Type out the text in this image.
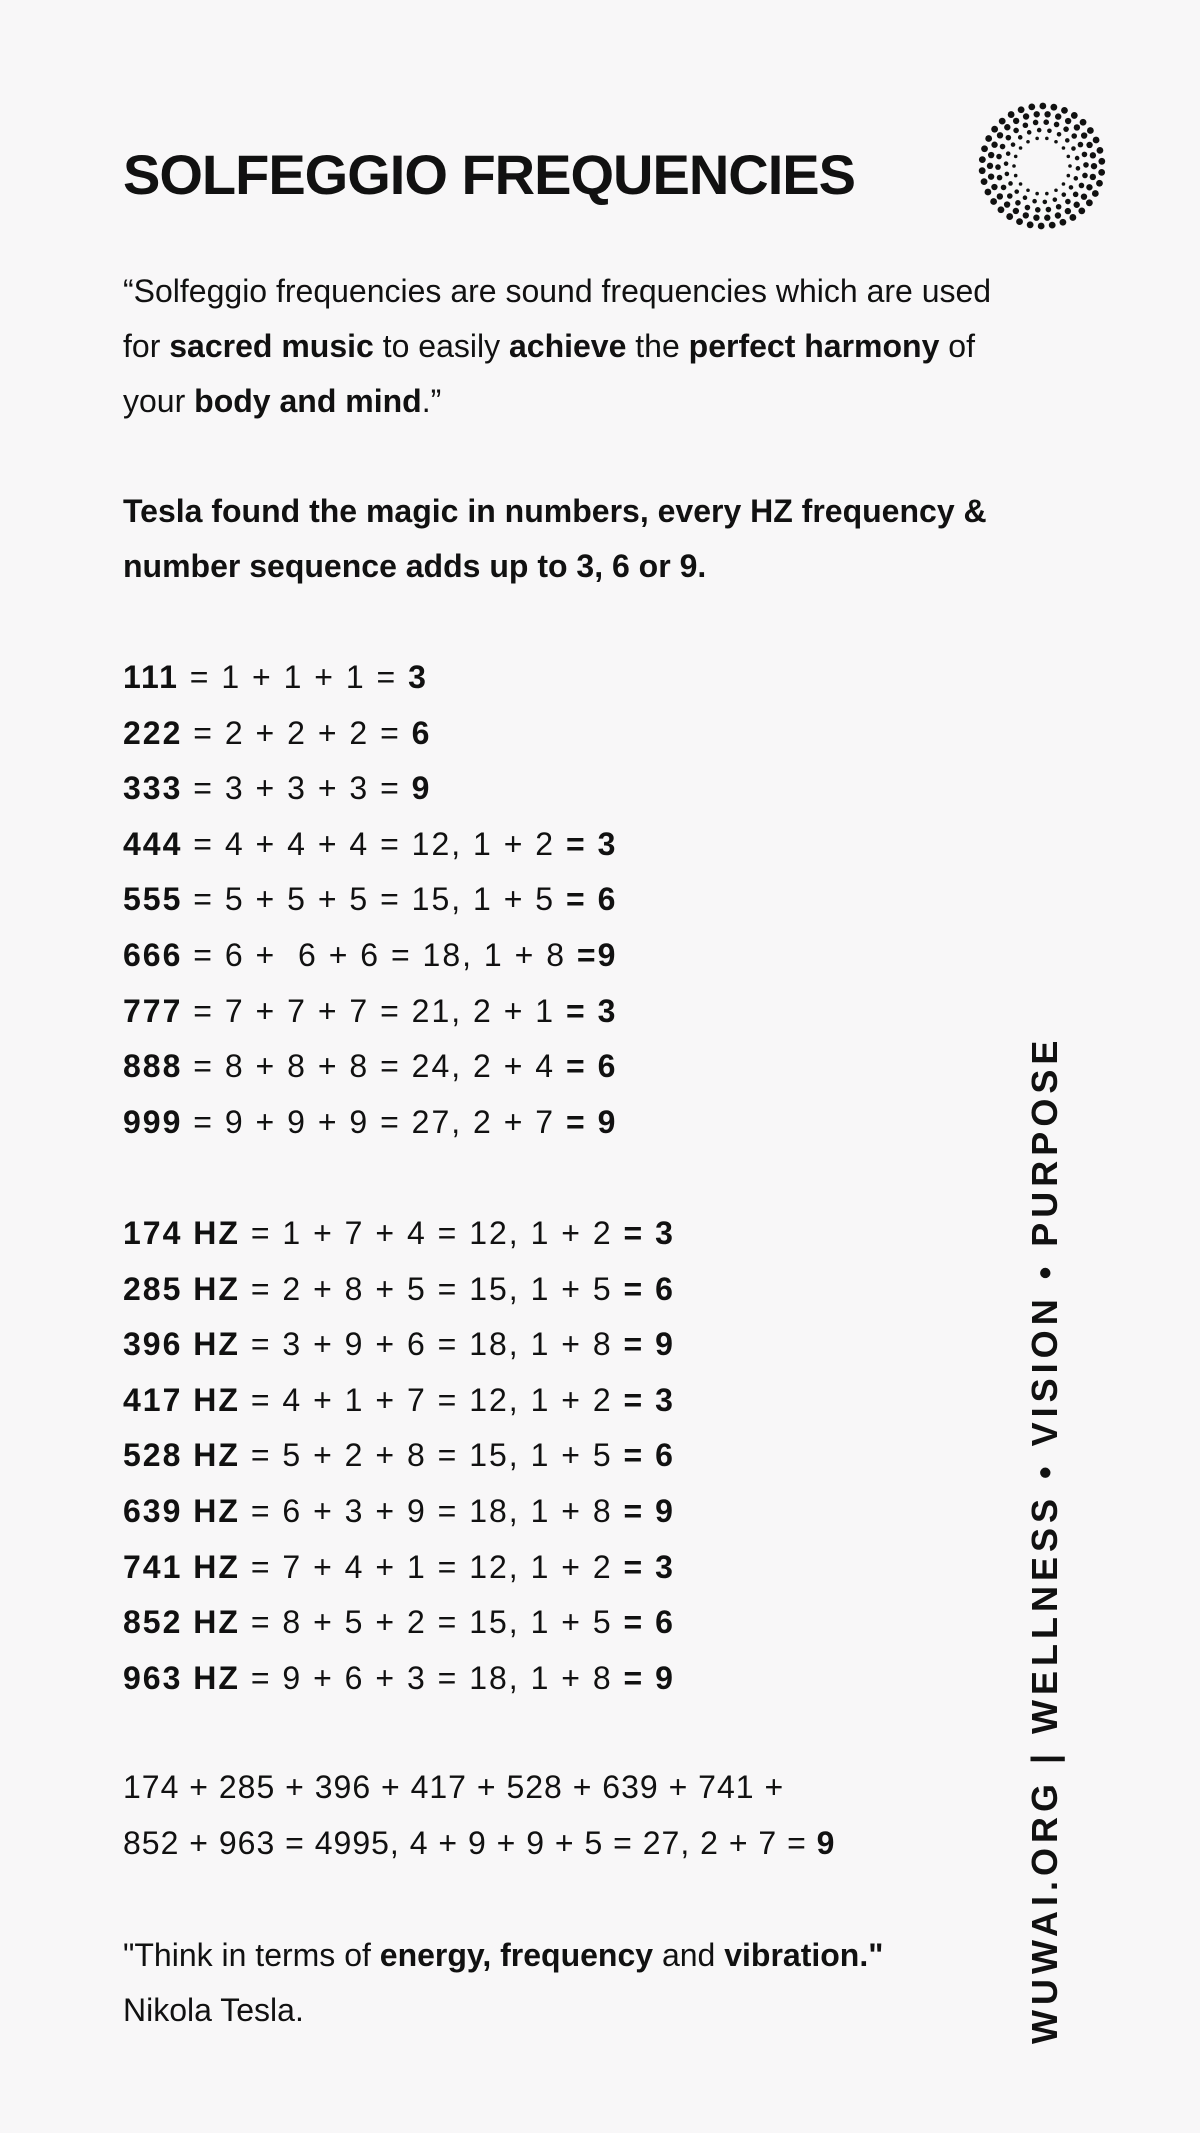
SOLFEGGIO FREQUENCIES

“Solfeggio frequencies are sound frequencies which are used for sacred music to easily achieve the perfect harmony of your body and mind.”

Tesla found the magic in numbers, every HZ frequency & number sequence adds up to 3, 6 or 9.

111 = 1 + 1 + 1 = 3
222 = 2 + 2 + 2 = 6
333 = 3 + 3 + 3 = 9
444 = 4 + 4 + 4 = 12, 1 + 2 = 3
555 = 5 + 5 + 5 = 15, 1 + 5 = 6
666 = 6 +  6 + 6 = 18, 1 + 8 =9
777 = 7 + 7 + 7 = 21, 2 + 1 = 3
888 = 8 + 8 + 8 = 24, 2 + 4 = 6
999 = 9 + 9 + 9 = 27, 2 + 7 = 9
174 HZ = 1 + 7 + 4 = 12, 1 + 2 = 3
285 HZ = 2 + 8 + 5 = 15, 1 + 5 = 6
396 HZ = 3 + 9 + 6 = 18, 1 + 8 = 9
417 HZ = 4 + 1 + 7 = 12, 1 + 2 = 3
528 HZ = 5 + 2 + 8 = 15, 1 + 5 = 6
639 HZ = 6 + 3 + 9 = 18, 1 + 8 = 9
741 HZ = 7 + 4 + 1 = 12, 1 + 2 = 3
852 HZ = 8 + 5 + 2 = 15, 1 + 5 = 6
963 HZ = 9 + 6 + 3 = 18, 1 + 8 = 9

174 + 285 + 396 + 417 + 528 + 639 + 741 +
852 + 963 = 4995, 4 + 9 + 9 + 5 = 27, 2 + 7 = 9

"Think in terms of energy, frequency and vibration."
Nikola Tesla.	WUWAI.ORG | WELLNESS • VISION • PURPOSE
